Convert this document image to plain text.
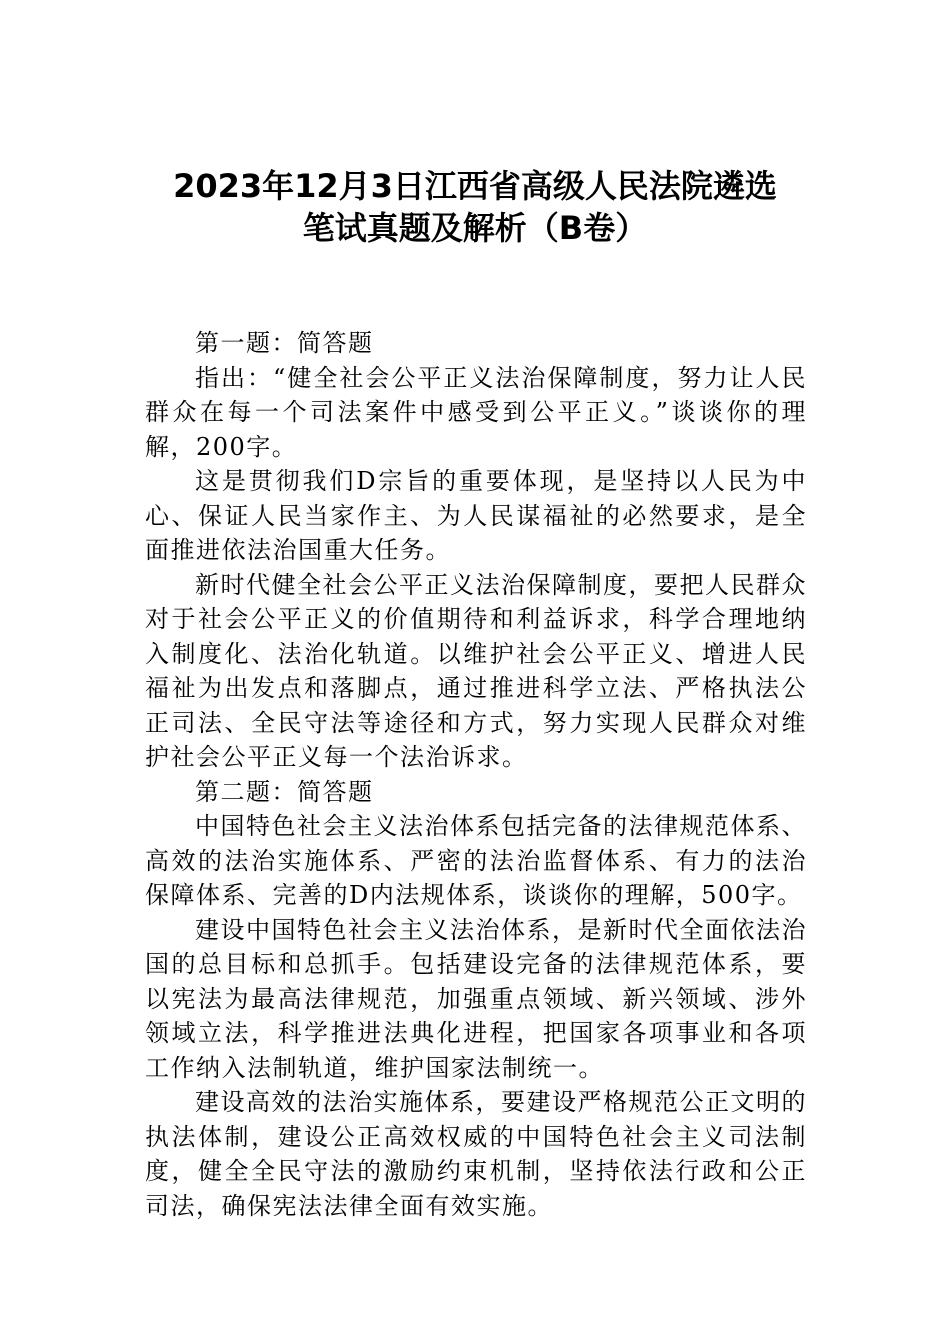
2023年12月3日江西省高级人民法院遴选
笔试真题及解析（B卷）

第一题：简答题

指出：“健全社会公平正义法治保障制度，努力让人民群众在每一个司法案件中感受到公平正义。”谈谈你的理解，200字。

这是贯彻我们D宗旨的重要体现，是坚持以人民为中心、保证人民当家作主、为人民谋福祉的必然要求，是全面推进依法治国重大任务。

新时代健全社会公平正义法治保障制度，要把人民群众对于社会公平正义的价值期待和利益诉求，科学合理地纳入制度化、法治化轨道。以维护社会公平正义、增进人民福祉为出发点和落脚点，通过推进科学立法、严格执法公正司法、全民守法等途径和方式，努力实现人民群众对维护社会公平正义每一个法治诉求。

第二题：简答题

中国特色社会主义法治体系包括完备的法律规范体系、高效的法治实施体系、严密的法治监督体系、有力的法治保障体系、完善的D内法规体系，谈谈你的理解，500字。

建设中国特色社会主义法治体系，是新时代全面依法治国的总目标和总抓手。包括建设完备的法律规范体系，要以宪法为最高法律规范，加强重点领域、新兴领域、涉外领域立法，科学推进法典化进程，把国家各项事业和各项工作纳入法制轨道，维护国家法制统一。

建设高效的法治实施体系，要建设严格规范公正文明的执法体制，建设公正高效权威的中国特色社会主义司法制度，健全全民守法的激励约束机制，坚持依法行政和公正司法，确保宪法法律全面有效实施。
